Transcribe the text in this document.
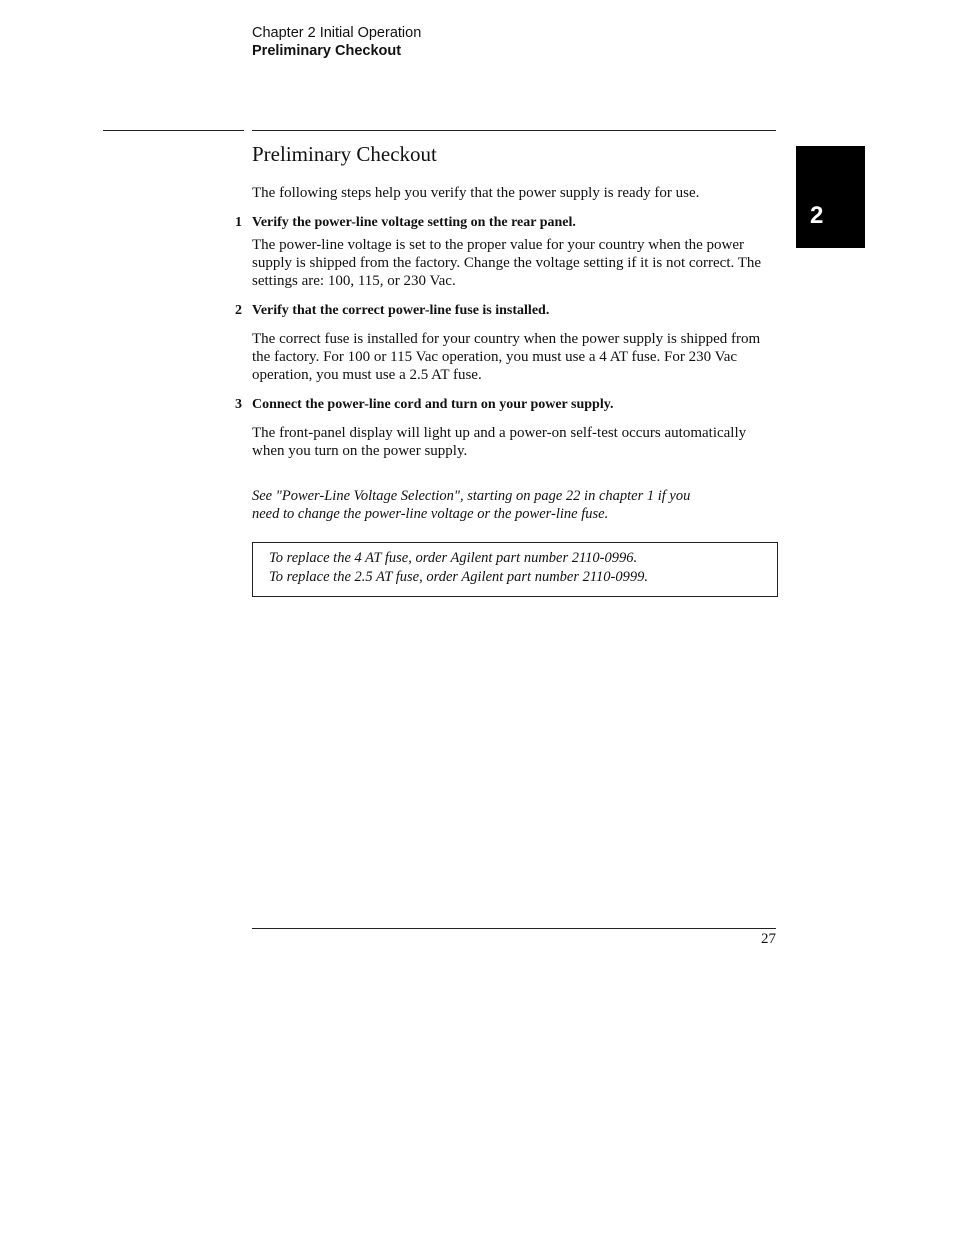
Chapter 2 Initial Operation
Preliminary Checkout
2
Preliminary Checkout
The following steps help you verify that the power supply is ready for use.
1 Verify the power-line voltage setting on the rear panel.
The power-line voltage is set to the proper value for your country when the power supply is shipped from the factory. Change the voltage setting if it is not correct. The settings are: 100, 115, or 230 Vac.
2 Verify that the correct power-line fuse is installed.
The correct fuse is installed for your country when the power supply is shipped from the factory. For 100 or 115 Vac operation, you must use a 4 AT fuse. For 230 Vac operation, you must use a 2.5 AT fuse.
3 Connect the power-line cord and turn on your power supply.
The front-panel display will light up and a power-on self-test occurs automatically when you turn on the power supply.
See "Power-Line Voltage Selection", starting on page 22 in chapter 1 if you
need to change the power-line voltage or the power-line fuse.
To replace the 4 AT fuse, order Agilent part number 2110-0996.
To replace the 2.5 AT fuse, order Agilent part number 2110-0999.
27
